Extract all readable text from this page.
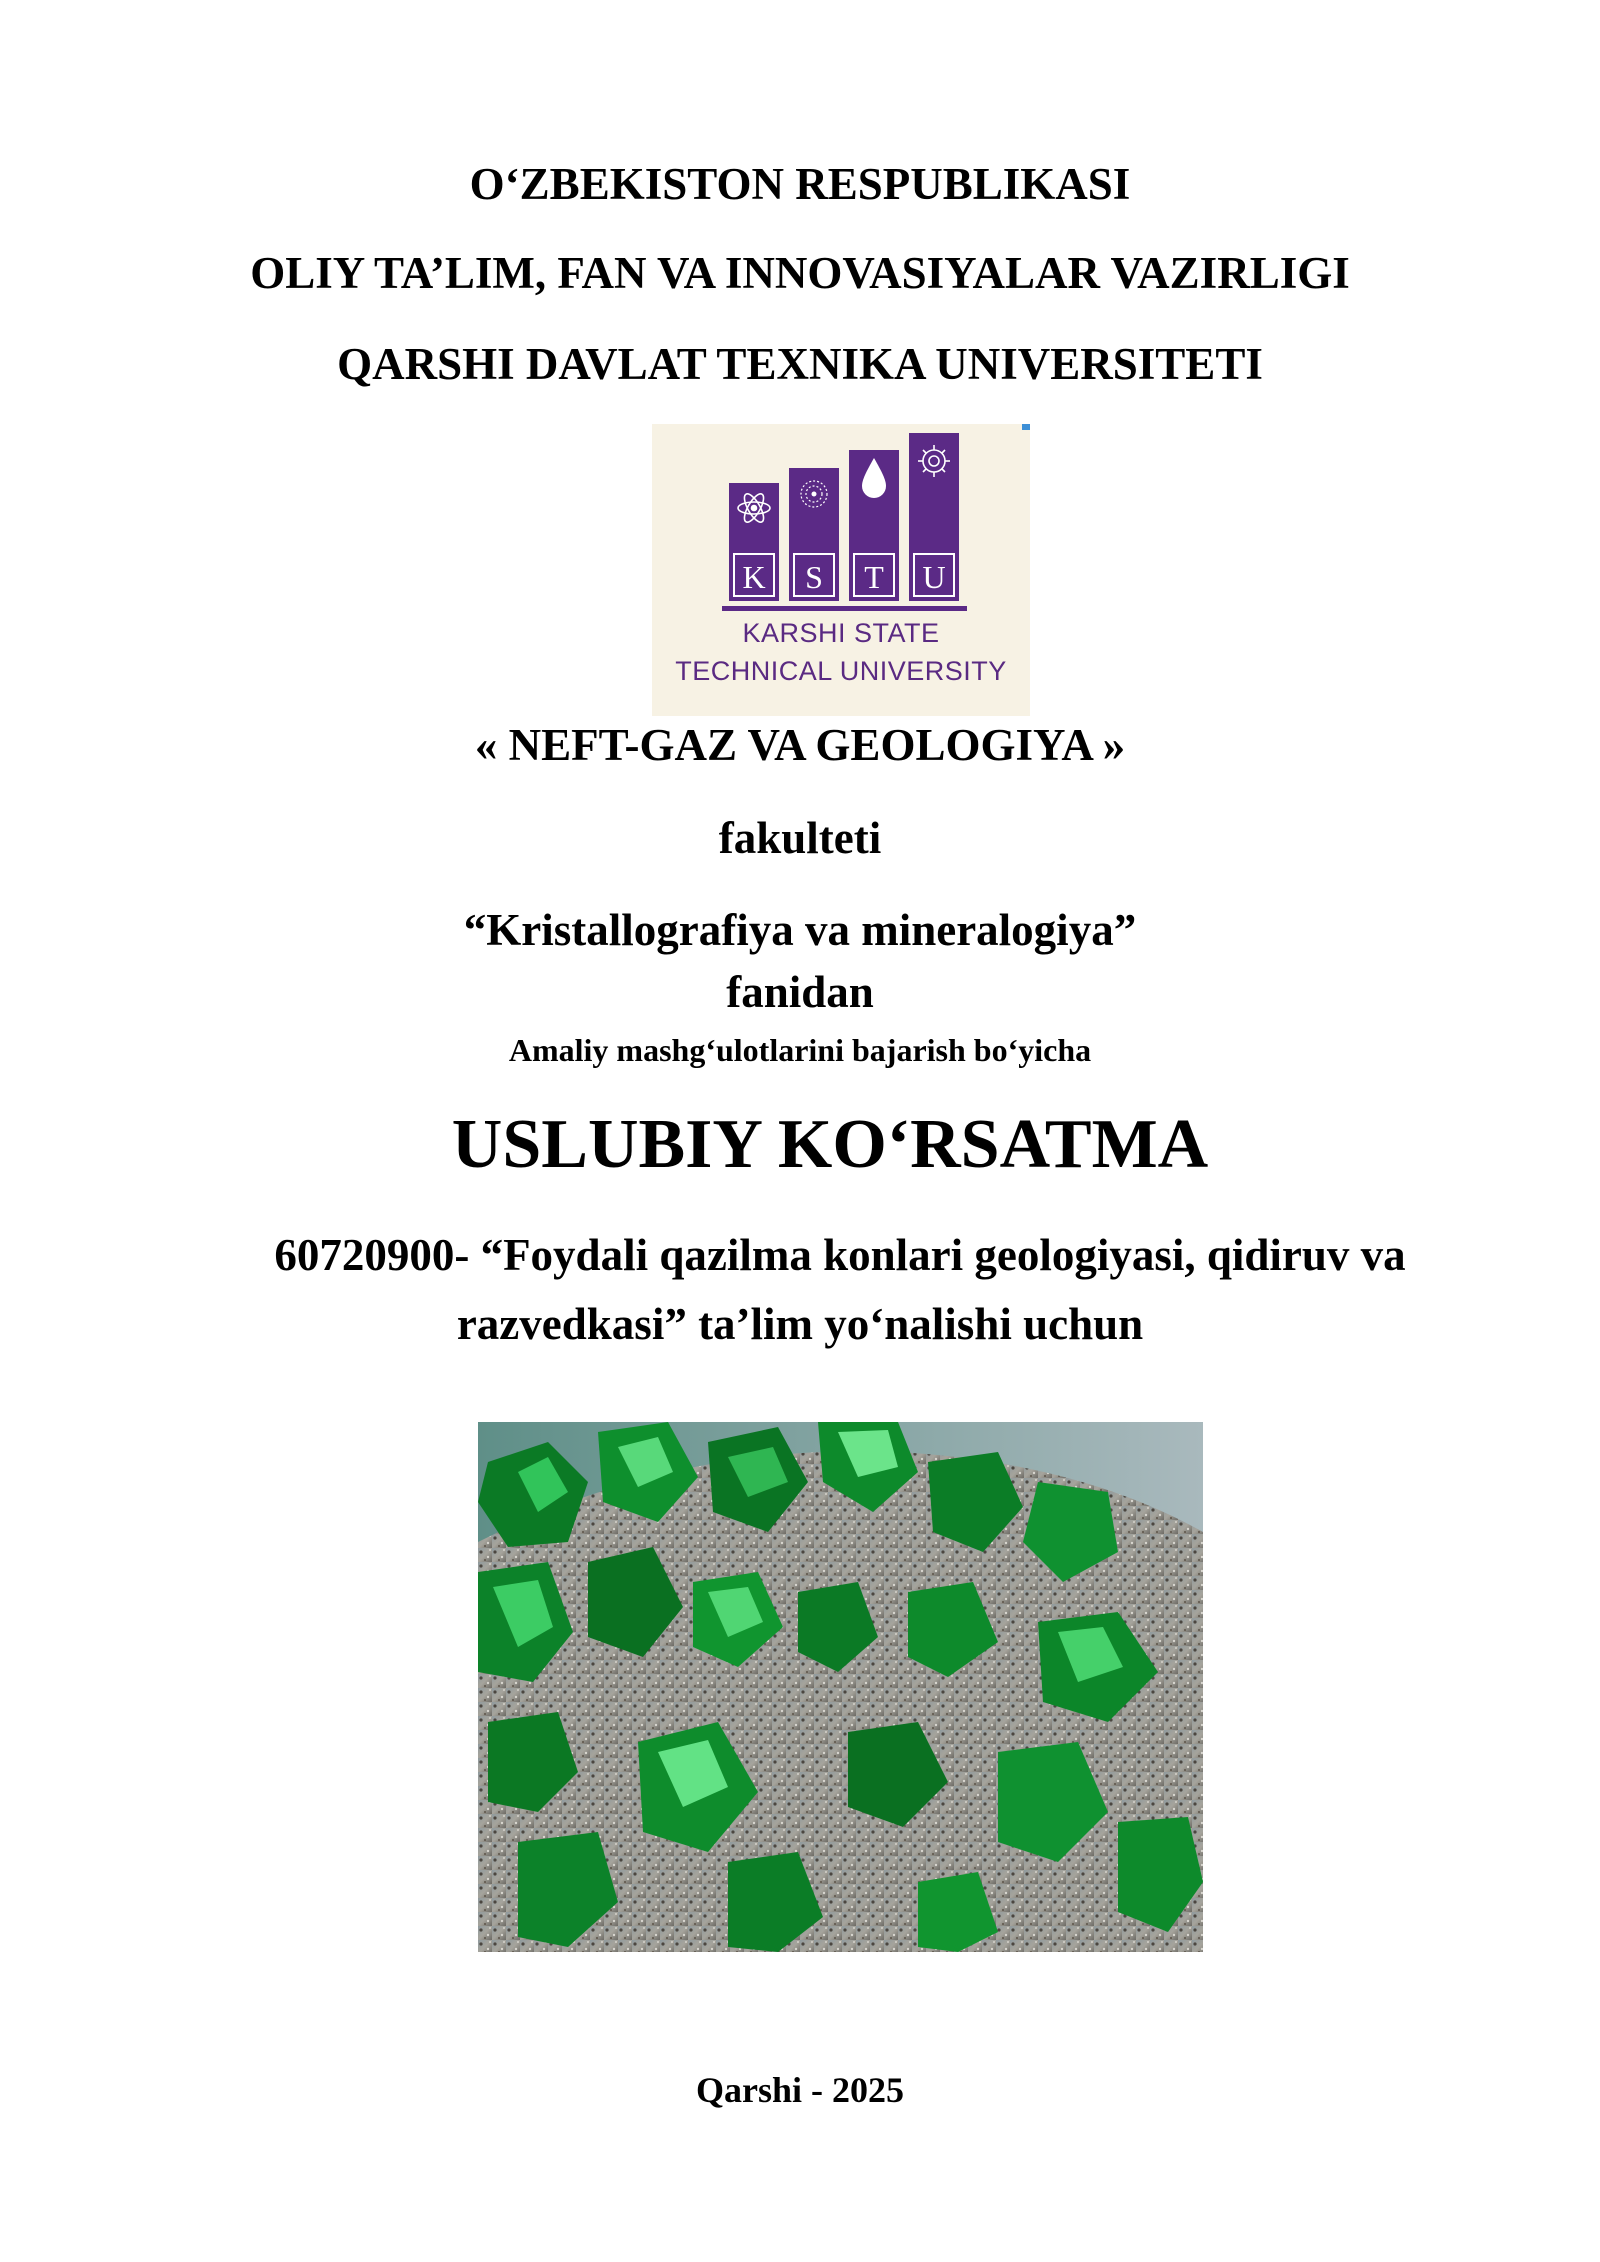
O‘ZBEKISTON RESPUBLIKASI
OLIY TA’LIM, FAN VA INNOVASIYALAR VAZIRLIGI
QARSHI DAVLAT TEXNIKA UNIVERSITETI
K S T U
KARSHI STATE
TECHNICAL UNIVERSITY
« NEFT-GAZ VA GEOLOGIYA »
fakulteti
“Kristallografiya va mineralogiya”
fanidan
Amaliy mashg‘ulotlarini bajarish bo‘yicha
USLUBIY KO‘RSATMA
60720900- “Foydali qazilma konlari geologiyasi, qidiruv va
razvedkasi” ta’lim yo‘nalishi uchun
Qarshi - 2025
